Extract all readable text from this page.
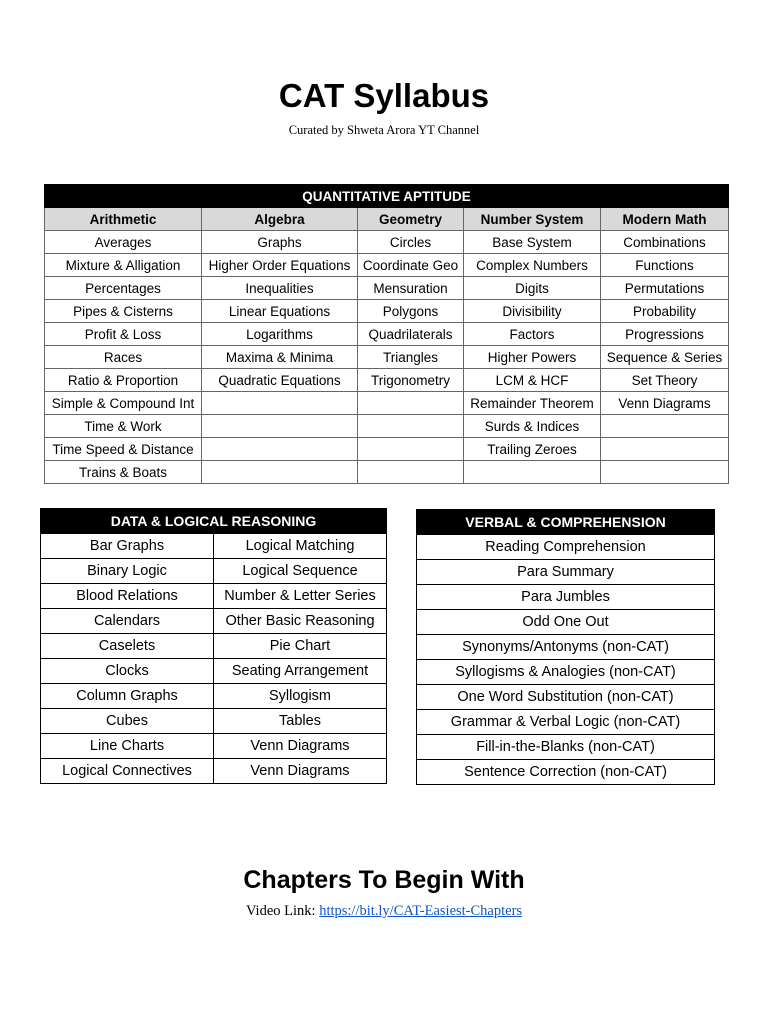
CAT Syllabus
Curated by Shweta Arora YT Channel
QUANTITATIVE APTITUDE				
Arithmetic	Algebra	Geometry	Number System	Modern Math
Averages	Graphs	Circles	Base System	Combinations
Mixture & Alligation	Higher Order Equations	Coordinate Geo	Complex Numbers	Functions
Percentages	Inequalities	Mensuration	Digits	Permutations
Pipes & Cisterns	Linear Equations	Polygons	Divisibility	Probability
Profit & Loss	Logarithms	Quadrilaterals	Factors	Progressions
Races	Maxima & Minima	Triangles	Higher Powers	Sequence & Series
Ratio & Proportion	Quadratic Equations	Trigonometry	LCM & HCF	Set Theory
Simple & Compound Int			Remainder Theorem	Venn Diagrams
Time & Work			Surds & Indices	
Time Speed & Distance			Trailing Zeroes	
Trains & Boats				
DATA & LOGICAL REASONING	
Bar Graphs	Logical Matching
Binary Logic	Logical Sequence
Blood Relations	Number & Letter Series
Calendars	Other Basic Reasoning
Caselets	Pie Chart
Clocks	Seating Arrangement
Column Graphs	Syllogism
Cubes	Tables
Line Charts	Venn Diagrams
Logical Connectives	Venn Diagrams
VERBAL & COMPREHENSION
Reading Comprehension
Para Summary
Para Jumbles
Odd One Out
Synonyms/Antonyms (non-CAT)
Syllogisms & Analogies (non-CAT)
One Word Substitution (non-CAT)
Grammar & Verbal Logic (non-CAT)
Fill-in-the-Blanks (non-CAT)
Sentence Correction (non-CAT)
Chapters To Begin With
Video Link: https://bit.ly/CAT-Easiest-Chapters
